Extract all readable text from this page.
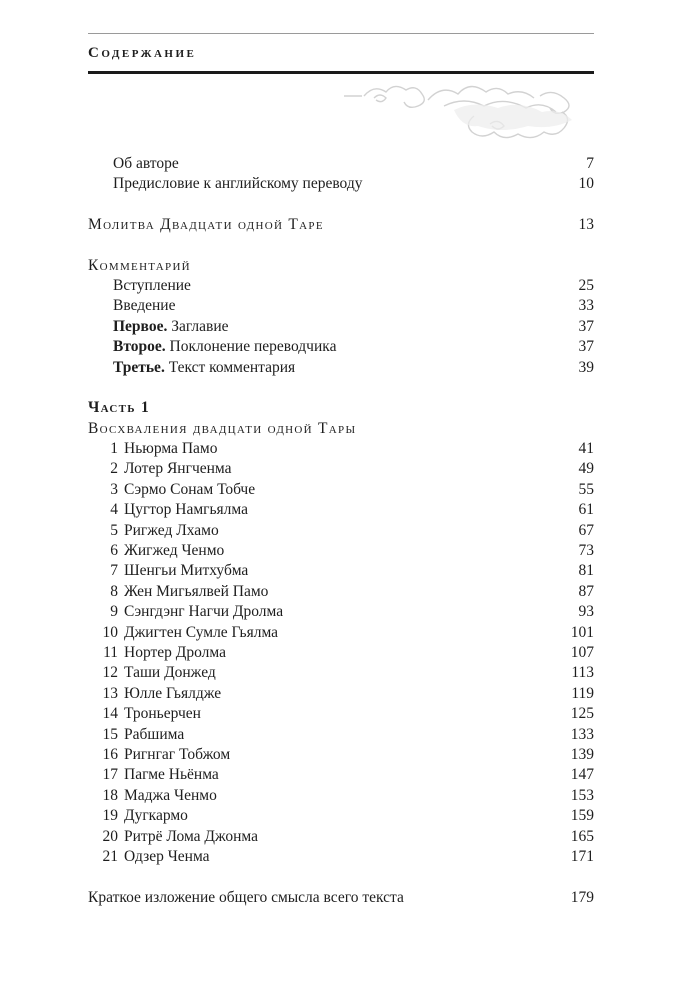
Содержание
Об авторе	7
Предисловие к английскому переводу	10
Молитва Двадцати одной Таре	13
Комментарий
Вступление	25
Введение	33
Первое. Заглавие	37
Второе. Поклонение переводчика	37
Третье. Текст комментария	39
Часть 1
Восхваления двадцати одной Тары
1 Ньюрма Памо	41
2 Лотер Янгченма	49
3 Сэрмо Сонам Тобче	55
4 Цугтор Намгьялма	61
5 Ригжед Лхамо	67
6 Жигжед Ченмо	73
7 Шенгьи Митхубма	81
8 Жен Мигьялвей Памо	87
9 Сэнгдэнг Нагчи Дролма	93
10 Джигтен Сумле Гьялма	101
11 Нортер Дролма	107
12 Таши Донжед	113
13 Юлле Гьялдже	119
14 Троньерчен	125
15 Рабшима	133
16 Ригнгаг Тобжом	139
17 Пагме Ньёнма	147
18 Маджа Ченмо	153
19 Дугкармо	159
20 Ритрё Лома Джонма	165
21 Одзер Ченма	171
Краткое изложение общего смысла всего текста	179
